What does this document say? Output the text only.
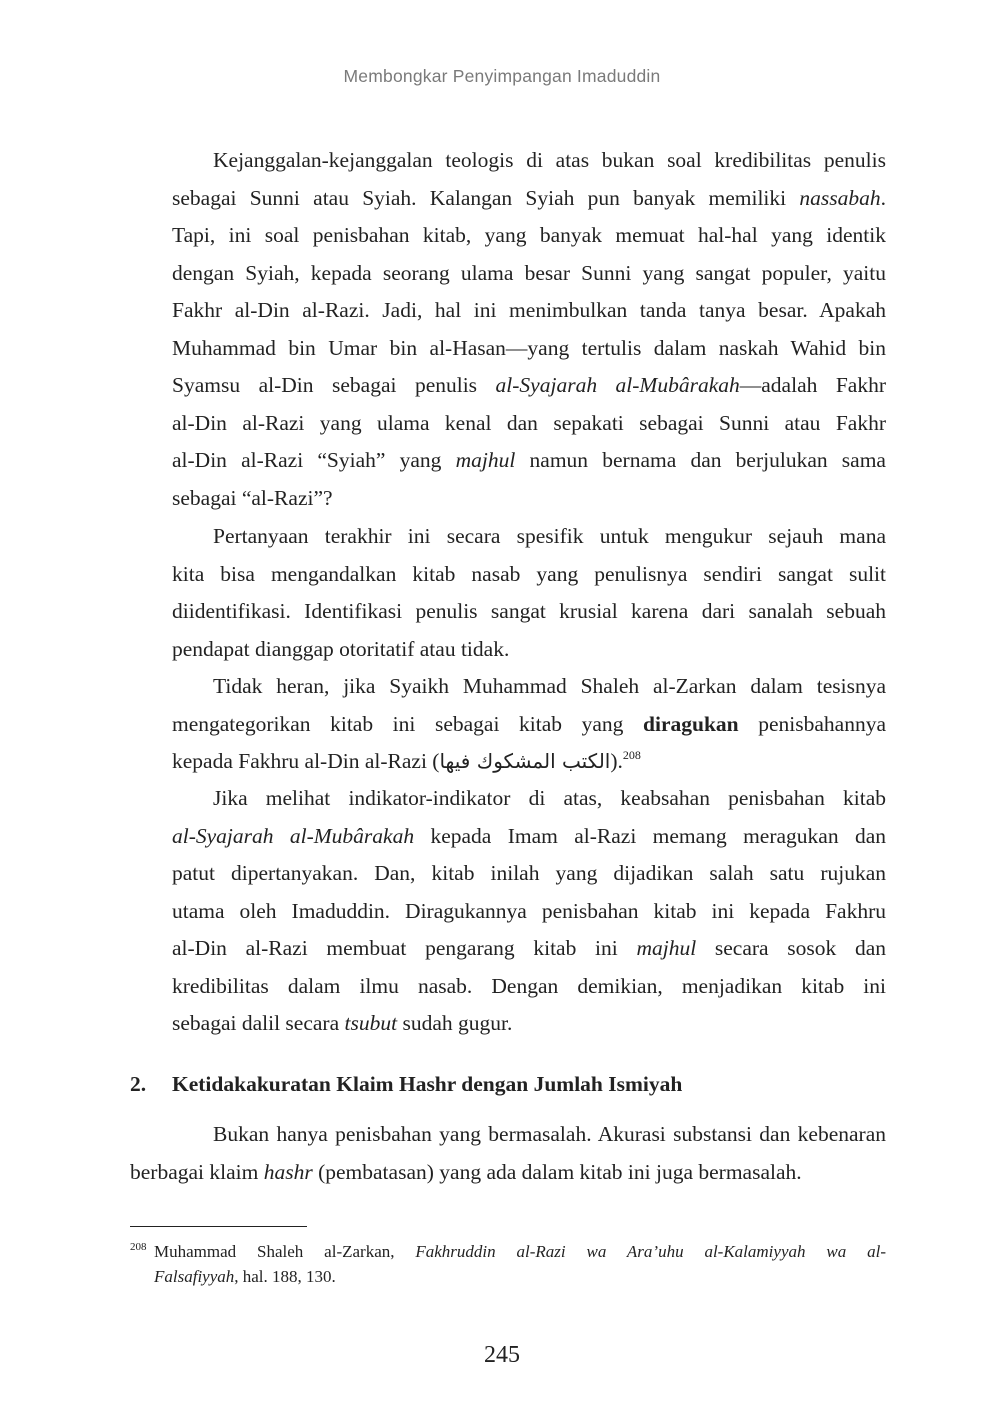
Membongkar Penyimpangan Imaduddin
Kejanggalan-kejanggalan teologis di atas bukan soal kredibilitas penulis
sebagai Sunni atau Syiah. Kalangan Syiah pun banyak memiliki nassabah.
Tapi, ini soal penisbahan kitab, yang banyak memuat hal-hal yang identik
dengan Syiah, kepada seorang ulama besar Sunni yang sangat populer, yaitu
Fakhr al-Din al-Razi. Jadi, hal ini menimbulkan tanda tanya besar. Apakah
Muhammad bin Umar bin al-Hasan—yang tertulis dalam naskah Wahid bin
Syamsu al-Din sebagai penulis al-Syajarah al-Mubârakah—adalah Fakhr
al-Din al-Razi yang ulama kenal dan sepakati sebagai Sunni atau Fakhr
al-Din al-Razi “Syiah” yang majhul namun bernama dan berjulukan sama
sebagai “al-Razi”?
Pertanyaan terakhir ini secara spesifik untuk mengukur sejauh mana
kita bisa mengandalkan kitab nasab yang penulisnya sendiri sangat sulit
diidentifikasi. Identifikasi penulis sangat krusial karena dari sanalah sebuah
pendapat dianggap otoritatif atau tidak.
Tidak heran, jika Syaikh Muhammad Shaleh al-Zarkan dalam tesisnya
mengategorikan kitab ini sebagai kitab yang diragukan penisbahannya
kepada Fakhru al-Din al-Razi (الكتب المشكوك فيها).$^{208}$
Jika melihat indikator-indikator di atas, keabsahan penisbahan kitab
al-Syajarah al-Mubârakah kepada Imam al-Razi memang meragukan dan
patut dipertanyakan. Dan, kitab inilah yang dijadikan salah satu rujukan
utama oleh Imaduddin. Diragukannya penisbahan kitab ini kepada Fakhru
al-Din al-Razi membuat pengarang kitab ini majhul secara sosok dan
kredibilitas dalam ilmu nasab. Dengan demikian, menjadikan kitab ini
sebagai dalil secara tsubut sudah gugur.
2. Ketidakakuratan Klaim Hashr dengan Jumlah Ismiyah
Bukan hanya penisbahan yang bermasalah. Akurasi substansi dan kebenaran
berbagai klaim hashr (pembatasan) yang ada dalam kitab ini juga bermasalah.
208 Muhammad Shaleh al-Zarkan, Fakhruddin al-Razi wa Ara’uhu al-Kalamiyyah wa al-
Falsafiyyah, hal. 188, 130.
245
